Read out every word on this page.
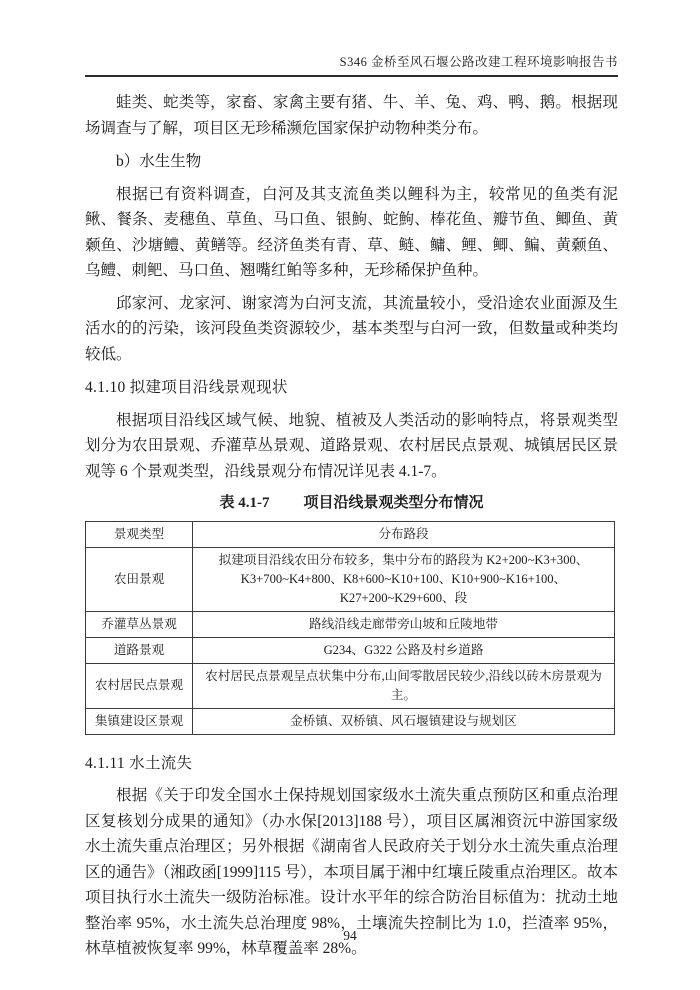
S346 金桥至风石堰公路改建工程环境影响报告书

蛙类、蛇类等，家畜、家禽主要有猪、牛、羊、兔、鸡、鸭、鹅。根据现场调查与了解，项目区无珍稀濒危国家保护动物种类分布。

b）水生生物

根据已有资料调查，白河及其支流鱼类以鲤科为主，较常见的鱼类有泥鳅、餐条、麦穗鱼、草鱼、马口鱼、银鮈、蛇鮈、棒花鱼、瓣节鱼、鲫鱼、黄颡鱼、沙塘鳢、黄鳝等。经济鱼类有青、草、鲢、鳙、鲤、鲫、鳊、黄颡鱼、乌鳢、刺鲃、马口鱼、翘嘴红鲌等多种，无珍稀保护鱼种。

邱家河、龙家河、谢家湾为白河支流，其流量较小，受沿途农业面源及生活水的的污染，该河段鱼类资源较少，基本类型与白河一致，但数量或种类均较低。

4.1.10 拟建项目沿线景观现状

根据项目沿线区域气候、地貌、植被及人类活动的影响特点，将景观类型划分为农田景观、乔灌草丛景观、道路景观、农村居民点景观、城镇居民区景观等 6 个景观类型，沿线景观分布情况详见表 4.1-7。

表 4.1-7 项目沿线景观类型分布情况

景观类型	分布路段
农田景观	拟建项目沿线农田分布较多，集中分布的路段为 K2+200~K3+300、K3+700~K4+800、K8+600~K10+100、K10+900~K16+100、K27+200~K29+600、段
乔灌草丛景观	路线沿线走廊带旁山坡和丘陵地带
道路景观	G234、G322 公路及村乡道路
农村居民点景观	农村居民点景观呈点状集中分布,山间零散居民较少,沿线以砖木房景观为主。
集镇建设区景观	金桥镇、双桥镇、风石堰镇建设与规划区

4.1.11 水土流失

根据《关于印发全国水土保持规划国家级水土流失重点预防区和重点治理区复核划分成果的通知》（办水保[2013]188 号），项目区属湘资沅中游国家级水土流失重点治理区；另外根据《湖南省人民政府关于划分水土流失重点治理区的通告》（湘政函[1999]115 号），本项目属于湘中红壤丘陵重点治理区。故本项目执行水土流失一级防治标准。设计水平年的综合防治目标值为：扰动土地整治率 95%，水土流失总治理度 98%，土壤流失控制比为 1.0，拦渣率 95%，林草植被恢复率 99%，林草覆盖率 28%。

94
